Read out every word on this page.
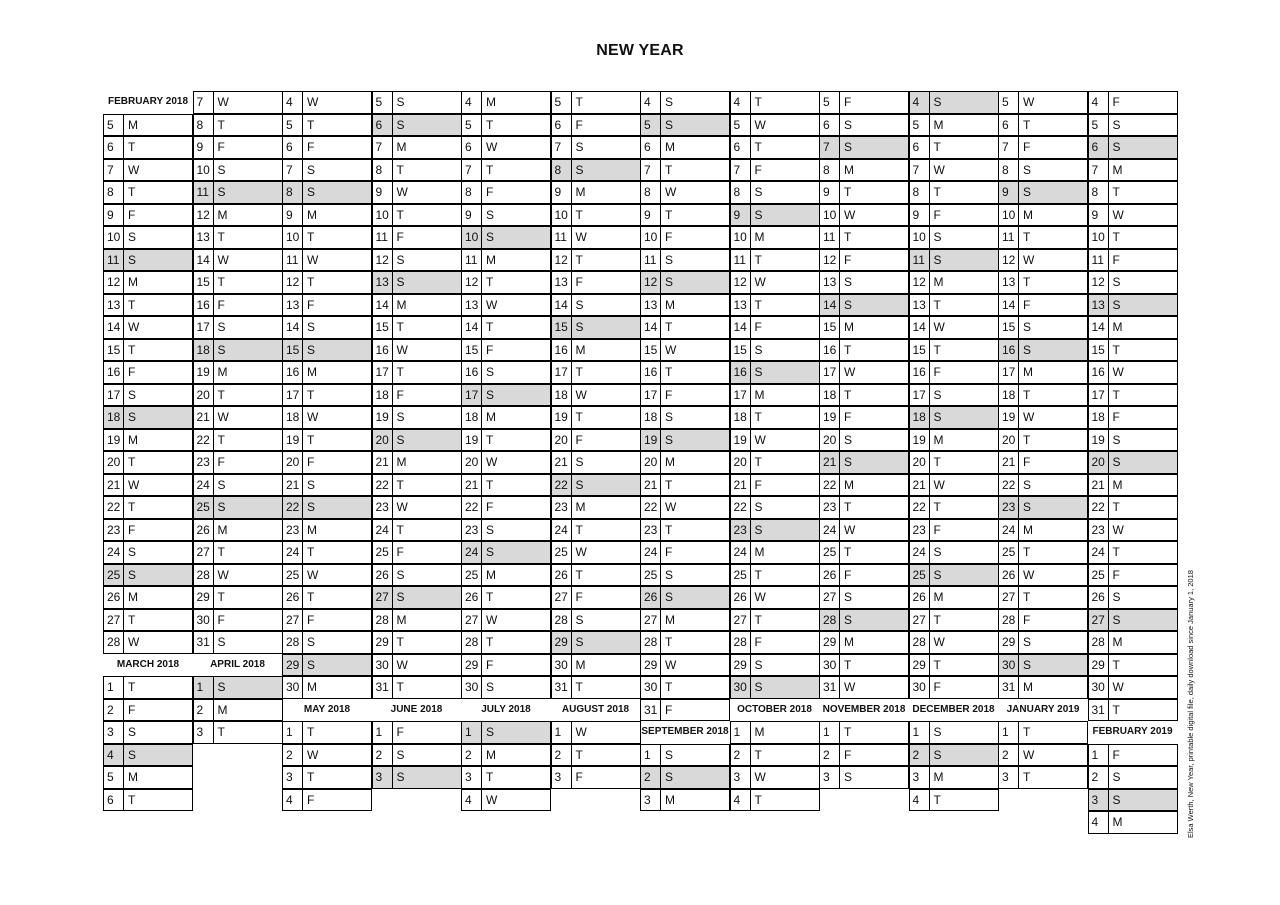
NEW YEAR
FEBRUARY 2018
5	M
6	T
7	W
8	T
9	F
10 S
11 S
12 M
13 T
14 W
15 T
16 F
17 S
18 S
19 M
20 T
21 W
22 T
23 F
24 S
25 S
26 M
27 T
28 W
MARCH 2018
1	T
2	F
3	S
4	S
5	M
6	T
7	W
8	T
9	F
10 S
11 S
12 M
13 T
14 W
15 T
16 F
17 S
18 S
19 M
20 T
21 W
22 T
23 F
24 S
25 S
26 M
27 T
28 W
29 T
30 F
31 S
APRIL 2018
1	S
2	M
3	T
4	W
5	T
6	F
7	S
8	S
9	M
10 T
11 W
12 T
13 F
14 S
15 S
16 M
17 T
18 W
19 T
20 F
21 S
22 S
23 M
24 T
25 W
26 T
27 F
28 S
29 S
30 M
MAY 2018
1	T
2	W
3	T
4	F
5	S
6	S
7	M
8	T
9	W
10 T
11 F
12 S
13 S
14 M
15 T
16 W
17 T
18 F
19 S
20 S
21 M
22 T
23 W
24 T
25 F
26 S
27 S
28 M
29 T
30 W
31 T
JUNE 2018
1	F
2	S
3	S
4	M
5	T
6	W
7	T
8	F
9	S
10 S
11 M
12 T
13 W
14 T
15 F
16 S
17 S
18 M
19 T
20 W
21 T
22 F
23 S
24 S
25 M
26 T
27 W
28 T
29 F
30 S
JULY 2018
1	S
2	M
3	T
4	W
5	T
6	F
7	S
8	S
9	M
10 T
11 W
12 T
13 F
14 S
15 S
16 M
17 T
18 W
19 T
20 F
21 S
22 S
23 M
24 T
25 W
26 T
27 F
28 S
29 S
30 M
31 T
AUGUST 2018
1	W
2	T
3	F
4	S
5	S
6	M
7	T
8	W
9	T
10 F
11 S
12 S
13 M
14 T
15 W
16 T
17 F
18 S
19 S
20 M
21 T
22 W
23 T
24 F
25 S
26 S
27 M
28 T
29 W
30 T
31 F
SEPTEMBER 2018
1	S
2	S
3	M
4	T
5	W
6	T
7	F
8	S
9	S
10 M
11 T
12 W
13 T
14 F
15 S
16 S
17 M
18 T
19 W
20 T
21 F
22 S
23 S
24 M
25 T
26 W
27 T
28 F
29 S
30 S
OCTOBER 2018
1	M
2	T
3	W
4	T
5	F
6	S
7	S
8	M
9	T
10 W
11 T
12 F
13 S
14 S
15 M
16 T
17 W
18 T
19 F
20 S
21 S
22 M
23 T
24 W
25 T
26 F
27 S
28 S
29 M
30 T
31 W
NOVEMBER 2018
1	T
2	F
3	S
4	S
5	M
6	T
7	W
8	T
9	F
10 S
11 S
12 M
13 T
14 W
15 T
16 F
17 S
18 S
19 M
20 T
21 W
22 T
23 F
24 S
25 S
26 M
27 T
28 W
29 T
30 F
DECEMBER 2018
1	S
2	S
3	M
4	T
5	W
6	T
7	F
8	S
9	S
10 M
11 T
12 W
13 T
14 F
15 S
16 S
17 M
18 T
19 W
20 T
21 F
22 S
23 S
24 M
25 T
26 W
27 T
28 F
29 S
30 S
31 M
JANUARY 2019
1	T
2	W
3	T
4	F
5	S
6	S
7	M
8	T
9	W
10 T
11 F
12 S
13 S
14 M
15 T
16 W
17 T
18 F
19 S
20 S
21 M
22 T
23 W
24 T
25 F
26 S
27 S
28 M
29 T
30 W
31 T
FEBRUARY 2019
1	F
2	S
3	S
4	M	Elsa Werth, New Year, printable digital file, daily download since January 1, 2018
